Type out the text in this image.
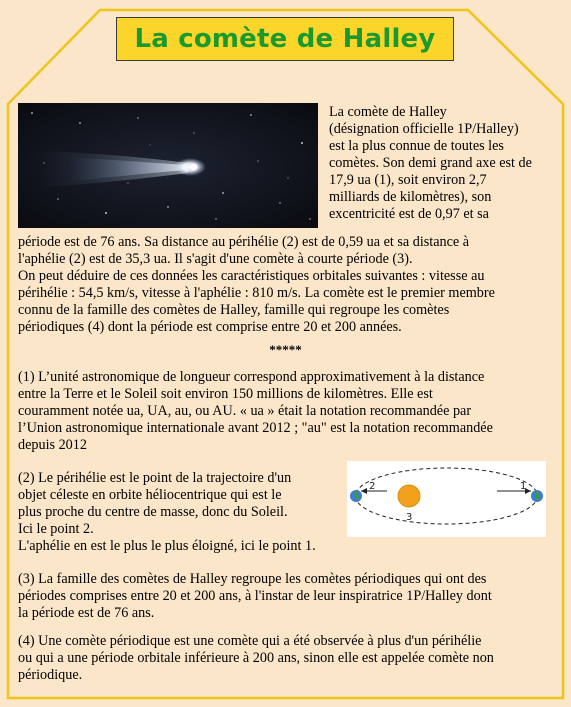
La comète de Halley
La comète de Halley
(désignation officielle 1P/Halley)
est la plus connue de toutes les
comètes. Son demi grand axe est de
17,9 ua (1), soit environ 2,7
milliards de kilomètres), son
excentricité est de 0,97 et sa
période est de 76 ans. Sa distance au périhélie (2) est de 0,59 ua et sa distance à
l'aphélie (2) est de 35,3 ua. Il s'agit d'une comète à courte période (3).
On peut déduire de ces données les caractéristiques orbitales suivantes : vitesse au
périhélie : 54,5 km/s, vitesse à l'aphélie : 810 m/s. La comète est le premier membre
connu de la famille des comètes de Halley, famille qui regroupe les comètes
périodiques (4) dont la période est comprise entre 20 et 200 années.
*****
(1) L’unité astronomique de longueur correspond approximativement à la distance
entre la Terre et le Soleil soit environ 150 millions de kilomètres. Elle est
couramment notée ua, UA, au, ou AU. « ua » était la notation recommandée par
l’Union astronomique internationale avant 2012 ; "au" est la notation recommandée
depuis 2012
1
2
3
(2) Le périhélie est le point de la trajectoire d'un
objet céleste en orbite héliocentrique qui est le
plus proche du centre de masse, donc du Soleil.
Ici le point 2.
L'aphélie en est le plus le plus éloigné, ici le point 1.
(3) La famille des comètes de Halley regroupe les comètes périodiques qui ont des
périodes comprises entre 20 et 200 ans, à l'instar de leur inspiratrice 1P/Halley dont
la période est de 76 ans.
(4) Une comète périodique est une comète qui a été observée à plus d'un périhélie
ou qui a une période orbitale inférieure à 200 ans, sinon elle est appelée comète non
périodique.
